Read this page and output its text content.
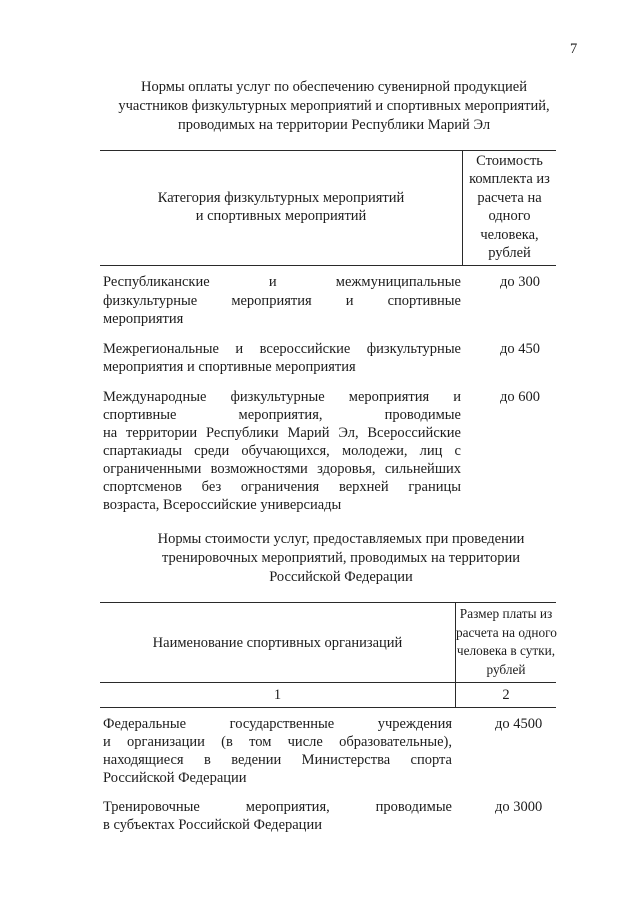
7
Нормы оплаты услуг по обеспечению сувенирной продукцией
участников физкультурных мероприятий и спортивных мероприятий,
проводимых на территории Республики Марий Эл
Категория физкультурных мероприятий
и спортивных мероприятий
Стоимость
комплекта из
расчета на
одного
человека,
рублей
Республиканские и межмуниципальные
физкультурные мероприятия и спортивные
мероприятия
до 300
Межрегиональные и всероссийские физкультурные
мероприятия и спортивные мероприятия
до 450
Международные физкультурные мероприятия и
спортивные мероприятия, проводимые
на территории Республики Марий Эл, Всероссийские
спартакиады среди обучающихся, молодежи, лиц с
ограниченными возможностями здоровья, сильнейших
спортсменов без ограничения верхней границы
возраста, Всероссийские универсиады
до 600
Нормы стоимости услуг, предоставляемых при проведении
тренировочных мероприятий, проводимых на территории
Российской Федерации
Наименование спортивных организаций
Размер платы из
расчета на одного
человека в сутки,
рублей
1	2
Федеральные государственные учреждения
и организации (в том числе образовательные),
находящиеся в ведении Министерства спорта
Российской Федерации
до 4500
Тренировочные мероприятия, проводимые
в субъектах Российской Федерации
до 3000
